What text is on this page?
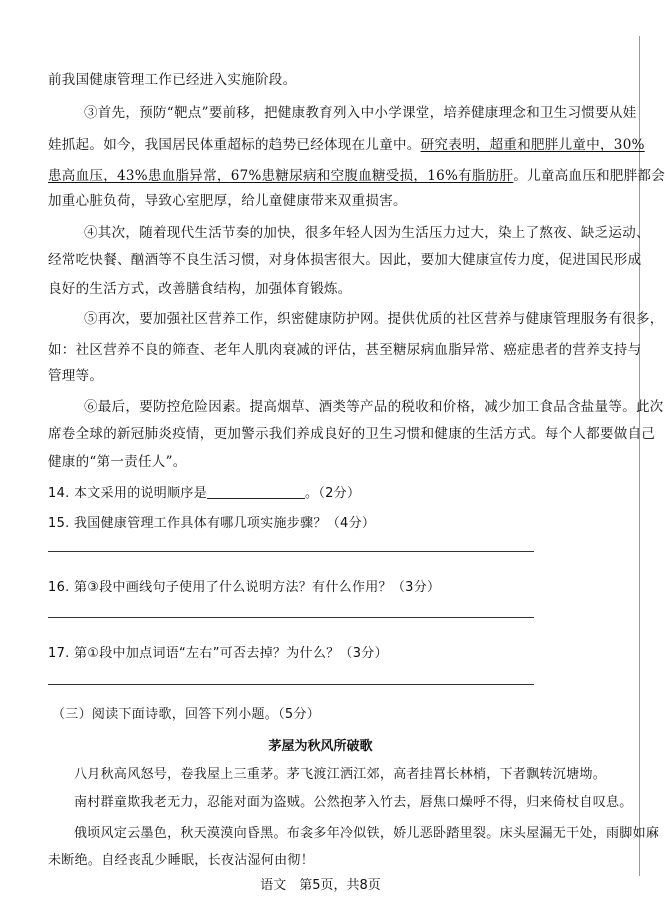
前我国健康管理工作已经进入实施阶段。
③首先，预防“靶点”要前移，把健康教育列入中小学课堂，培养健康理念和卫生习惯要从娃
娃抓起。如今，我国居民体重超标的趋势已经体现在儿童中。研究表明，超重和肥胖儿童中，30%
患高血压，43%患血脂异常，67%患糖尿病和空腹血糖受损，16%有脂肪肝。儿童高血压和肥胖都会
加重心脏负荷，导致心室肥厚，给儿童健康带来双重损害。
④其次，随着现代生活节奏的加快，很多年轻人因为生活压力过大，染上了熬夜、缺乏运动、
经常吃快餐、酗酒等不良生活习惯，对身体损害很大。因此，要加大健康宣传力度，促进国民形成
良好的生活方式，改善膳食结构，加强体育锻炼。
⑤再次，要加强社区营养工作，织密健康防护网。提供优质的社区营养与健康管理服务有很多，
如：社区营养不良的筛查、老年人肌肉衰减的评估，甚至糖尿病血脂异常、癌症患者的营养支持与
管理等。
⑥最后，要防控危险因素。提高烟草、酒类等产品的税收和价格，减少加工食品含盐量等。此次
席卷全球的新冠肺炎疫情，更加警示我们养成良好的卫生习惯和健康的生活方式。每个人都要做自己
健康的“第一责任人”。
14. 本文采用的说明顺序是	。（2分）
15. 我国健康管理工作具体有哪几项实施步骤？（4分）
16. 第③段中画线句子使用了什么说明方法？有什么作用？（3分）
17. 第①段中加点词语“左右”可否去掉？为什么？（3分）
（三）阅读下面诗歌，回答下列小题。（5分）
茅屋为秋风所破歌
八月秋高风怒号，卷我屋上三重茅。茅飞渡江洒江郊，高者挂罥长林梢，下者飘转沉塘坳。
南村群童欺我老无力，忍能对面为盗贼。公然抱茅入竹去，唇焦口燥呼不得，归来倚杖自叹息。
俄顷风定云墨色，秋天漠漠向昏黑。布衾多年冷似铁，娇儿恶卧踏里裂。床头屋漏无干处，雨脚如麻
未断绝。自经丧乱少睡眠，长夜沾湿何由彻！
语文　第5页，共8页
